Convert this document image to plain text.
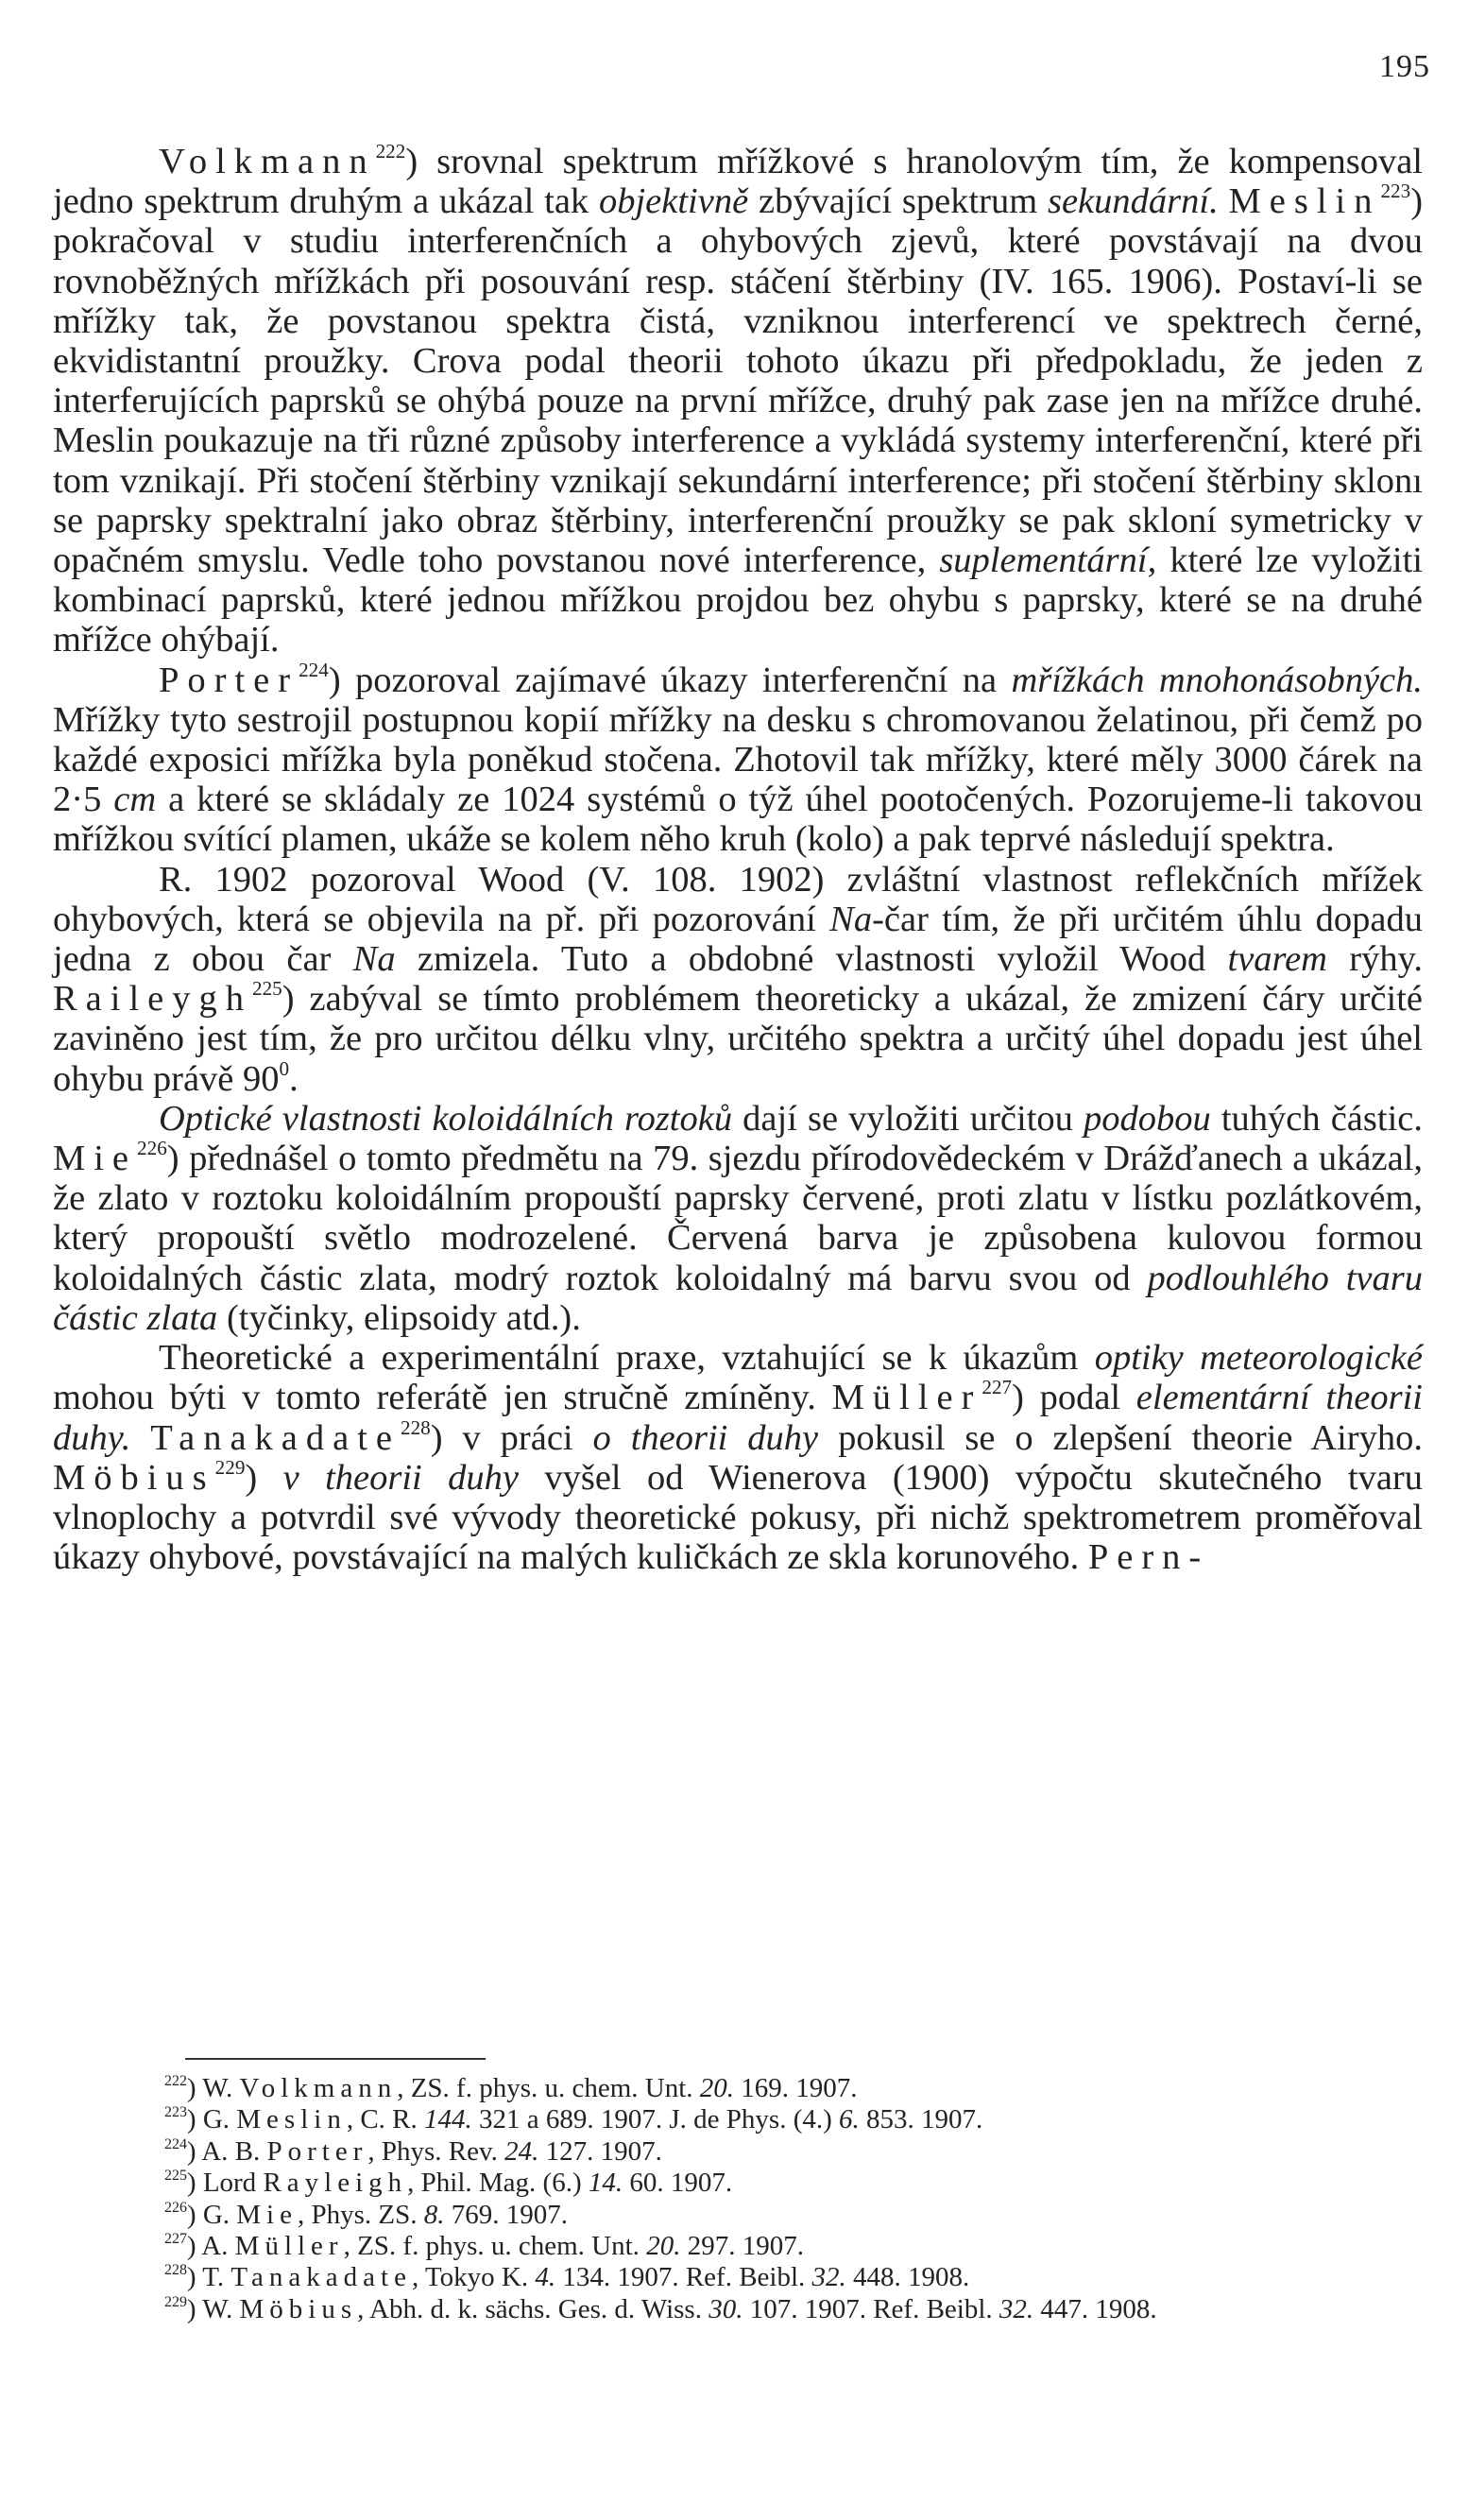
195

Volkmann$^{222}$) srovnal spektrum mřížkové s hranolovým tím, že kompensoval jedno spektrum druhým a ukázal tak objektivně zbývající spektrum sekundární. Meslin$^{223}$) pokračoval v studiu interferenčních a ohybových zjevů, které povstávají na dvou rovnoběžných mřížkách při posouvání resp. stáčení štěrbiny (IV. 165. 1906). Postaví-li se mřížky tak, že povstanou spektra čistá, vzniknou interferencí ve spektrech černé, ekvidistantní proužky. Crova podal theorii tohoto úkazu při předpokladu, že jeden z interferujících paprsků se ohýbá pouze na první mřížce, druhý pak zase jen na mřížce druhé. Meslin poukazuje na tři různé způsoby interference a vykládá systemy interferenční, které při tom vznikají. Při stočení štěrbiny vznikají sekundární interference; při stočení štěrbiny sklonı se paprsky spektralní jako obraz štěrbiny, interferenční proužky se pak skloní symetricky v opačném smyslu. Vedle toho povstanou nové interference, suplementární, které lze vyložiti kombinací paprsků, které jednou mřížkou projdou bez ohybu s paprsky, které se na druhé mřížce ohýbají.

Porter$^{224}$) pozoroval zajímavé úkazy interferenční na mřížkách mnohonásobných. Mřížky tyto sestrojil postupnou kopií mřížky na desku s chromovanou želatinou, při čemž po každé exposici mřížka byla poněkud stočena. Zhotovil tak mřížky, které měly 3000 čárek na 2·5 cm a které se skládaly ze 1024 systémů o týž úhel pootočených. Pozorujeme-li takovou mřížkou svítící plamen, ukáže se kolem něho kruh (kolo) a pak teprvé následují spektra.

R. 1902 pozoroval Wood (V. 108. 1902) zvláštní vlastnost reflekčních mřížek ohybových, která se objevila na př. při pozorování Na-čar tím, že při určitém úhlu dopadu jedna z obou čar Na zmizela. Tuto a obdobné vlastnosti vyložil Wood tvarem rýhy. Raileygh$^{225}$) zabýval se tímto problémem theoreticky a ukázal, že zmizení čáry určité zaviněno jest tím, že pro určitou délku vlny, určitého spektra a určitý úhel dopadu jest úhel ohybu právě $90^0$.

Optické vlastnosti koloidálních roztoků dají se vyložiti určitou podobou tuhých částic. Mie$^{226}$) přednášel o tomto předmětu na 79. sjezdu přírodovědeckém v Drážďanech a ukázal, že zlato v roztoku koloidálním propouští paprsky červené, proti zlatu v lístku pozlátkovém, který propouští světlo modrozelené. Červená barva je způsobena kulovou formou koloidalných částic zlata, modrý roztok koloidalný má barvu svou od podlouhlého tvaru částic zlata (tyčinky, elipsoidy atd.).

Theoretické a experimentální praxe, vztahující se k úkazům optiky meteorologické mohou býti v tomto referátě jen stručně zmíněny. Müller$^{227}$) podal elementární theorii duhy. Tanakadate$^{228}$) v práci o theorii duhy pokusil se o zlepšení theorie Airyho. Möbius$^{229}$) v theorii duhy vyšel od Wienerova (1900) výpočtu skutečného tvaru vlnoplochy a potvrdil své vývody theoretické pokusy, při nichž spektrometrem proměřoval úkazy ohybové, povstávající na malých kuličkách ze skla korunového. Pern-

$^{222}$) W. Volkmann, ZS. f. phys. u. chem. Unt. 20. 169. 1907.

$^{223}$) G. Meslin, C. R. 144. 321 a 689. 1907. J. de Phys. (4.) 6. 853. 1907.

$^{224}$) A. B. Porter, Phys. Rev. 24. 127. 1907.

$^{225}$) Lord Rayleigh, Phil. Mag. (6.) 14. 60. 1907.

$^{226}$) G. Mie, Phys. ZS. 8. 769. 1907.

$^{227}$) A. Müller, ZS. f. phys. u. chem. Unt. 20. 297. 1907.

$^{228}$) T. Tanakadate, Tokyo K. 4. 134. 1907. Ref. Beibl. 32. 448. 1908.

$^{229}$) W. Möbius, Abh. d. k. sächs. Ges. d. Wiss. 30. 107. 1907. Ref. Beibl. 32. 447. 1908.
